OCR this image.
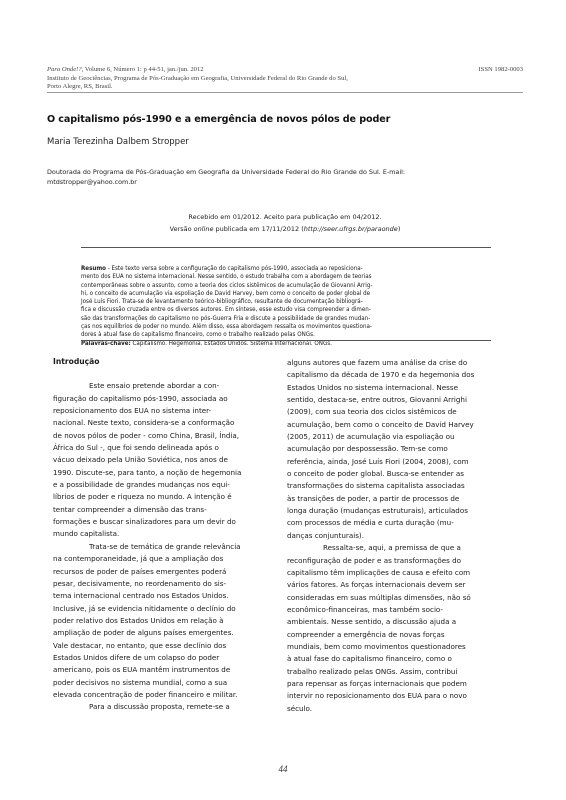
Para Onde!?, Volume 6, Número 1: p 44-51, jan./jun. 2012
Instituto de Geociências, Programa de Pós-Graduação em Geografia, Universidade Federal do Rio Grande do Sul,
Porto Alegre, RS, Brasil.
ISSN 1982-0003
O capitalismo pós-1990 e a emergência de novos pólos de poder
Maria Terezinha Dalbem Stropper
Doutorada do Programa de Pós-Graduação em Geografia da Universidade Federal do Rio Grande do Sul. E-mail:
mtdstropper@yahoo.com.br
Recebido em 01/2012. Aceito para publicação em 04/2012.
Versão online publicada em 17/11/2012 (http://seer.ufrgs.br/paraonde)
Resumo - Este texto versa sobre a configuração do capitalismo pós-1990, associada ao reposiciona-
mento dos EUA no sistema internacional. Nesse sentido, o estudo trabalha com a abordagem de teorias
contemporâneas sobre o assunto, como a teoria dos ciclos sistêmicos de acumulação de Giovanni Arrig-
hi, o conceito de acumulação via espoliação de David Harvey, bem como o conceito de poder global de
José Luís Fiori. Trata-se de levantamento teórico-bibliográfico, resultante de documentação bibliográ-
fica e discussão cruzada entre os diversos autores. Em síntese, esse estudo visa compreender a dimen-
são das transformações do capitalismo no pós-Guerra Fria e discute a possibilidade de grandes mudan-
ças nos equilíbrios de poder no mundo. Além disso, essa abordagem ressalta os movimentos questiona-
dores à atual fase do capitalismo financeiro, como o trabalho realizado pelas ONGs.
Palavras-chave: Capitalismo. Hegemonia. Estados Unidos. Sistema Internacional. ONGs.
Introdução
Este ensaio pretende abordar a con-
figuração do capitalismo pós-1990, associada ao
reposicionamento dos EUA no sistema inter-
nacional. Neste texto, considera-se a conformação
de novos pólos de poder - como China, Brasil, Índia,
África do Sul -, que foi sendo delineada após o
vácuo deixado pela União Soviética, nos anos de
1990. Discute-se, para tanto, a noção de hegemonia
e a possibilidade de grandes mudanças nos equi-
líbrios de poder e riqueza no mundo. A intenção é
tentar compreender a dimensão das trans-
formações e buscar sinalizadores para um devir do
mundo capitalista.
Trata-se de temática de grande relevância
na contemporaneidade, já que a ampliação dos
recursos de poder de países emergentes poderá
pesar, decisivamente, no reordenamento do sis-
tema internacional centrado nos Estados Unidos.
Inclusive, já se evidencia nitidamente o declínio do
poder relativo dos Estados Unidos em relação à
ampliação de poder de alguns países emergentes.
Vale destacar, no entanto, que esse declínio dos
Estados Unidos difere de um colapso do poder
americano, pois os EUA mantêm instrumentos de
poder decisivos no sistema mundial, como a sua
elevada concentração de poder financeiro e militar.
Para a discussão proposta, remete-se a
alguns autores que fazem uma análise da crise do
capitalismo da década de 1970 e da hegemonia dos
Estados Unidos no sistema internacional. Nesse
sentido, destaca-se, entre outros, Giovanni Arrighi
(2009), com sua teoria dos ciclos sistêmicos de
acumulação, bem como o conceito de David Harvey
(2005, 2011) de acumulação via espoliação ou
acumulação por despossessão. Tem-se como
referência, ainda, José Luís Fiori (2004, 2008), com
o conceito de poder global. Busca-se entender as
transformações do sistema capitalista associadas
às transições de poder, a partir de processos de
longa duração (mudanças estruturais), articulados
com processos de média e curta duração (mu-
danças conjunturais).
Ressalta-se, aqui, a premissa de que a
reconfiguração de poder e as transformações do
capitalismo têm implicações de causa e efeito com
vários fatores. As forças internacionais devem ser
consideradas em suas múltiplas dimensões, não só
econômico-financeiras, mas também socio-
ambientais. Nesse sentido, a discussão ajuda a
compreender a emergência de novas forças
mundiais, bem como movimentos questionadores
à atual fase do capitalismo financeiro, como o
trabalho realizado pelas ONGs. Assim, contribui
para repensar as forças internacionais que podem
intervir no reposicionamento dos EUA para o novo
século.
44
